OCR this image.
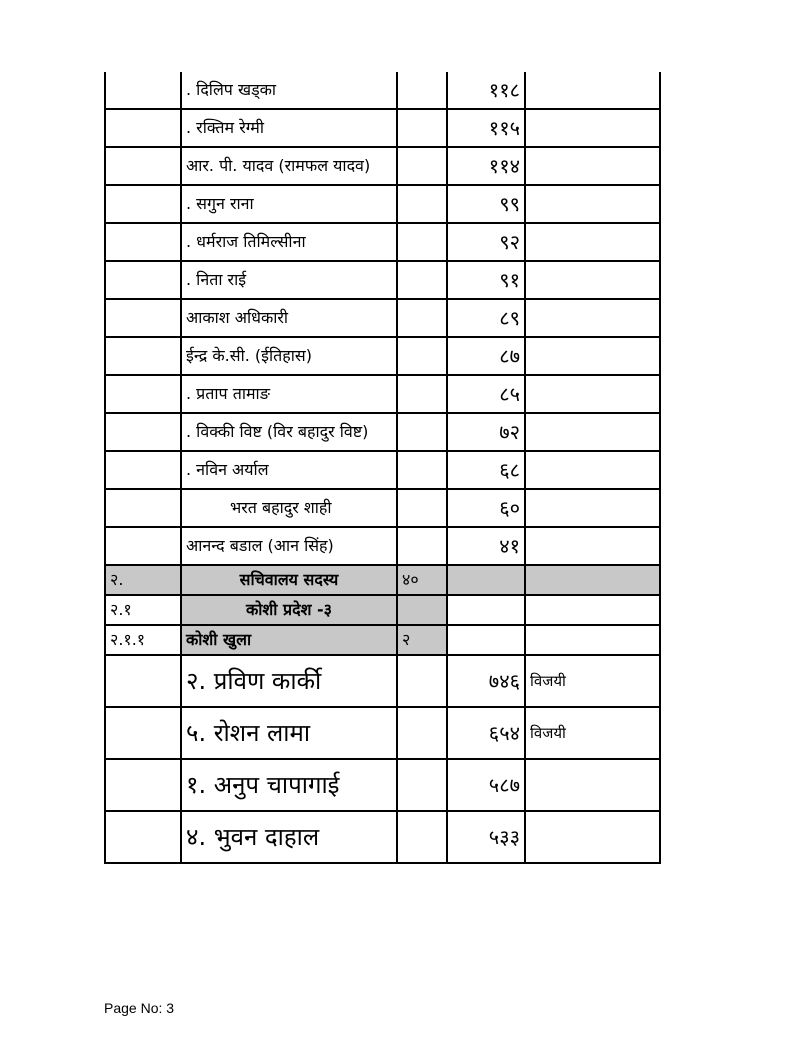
	. दिलिप खड्का		११८	
	. रक्तिम रेग्मी		११५	
	आर. पी. यादव (रामफल यादव)		११४	
	. सगुन राना		९९	
	. धर्मराज तिमिल्सीना		९२	
	. निता राई		९१	
	आकाश अधिकारी		८९	
	ईन्द्र के.सी. (ईतिहास)		८७	
	. प्रताप तामाङ		८५	
	. विक्की विष्ट (विर बहादुर विष्ट)		७२	
	. नविन अर्याल		६८	
	भरत बहादुर शाही		६०	
	आनन्द बडाल (आन सिंह)		४१	
२.	सचिवालय सदस्य	४०		
२.१	कोशी प्रदेश -३			
२.१.१	कोशी खुला	२		
	२. प्रविण कार्की		७४६	विजयी
	५. रोशन लामा		६५४	विजयी
	१. अनुप चापागाई		५८७	
	४. भुवन दाहाल		५३३	
Page No: 3
